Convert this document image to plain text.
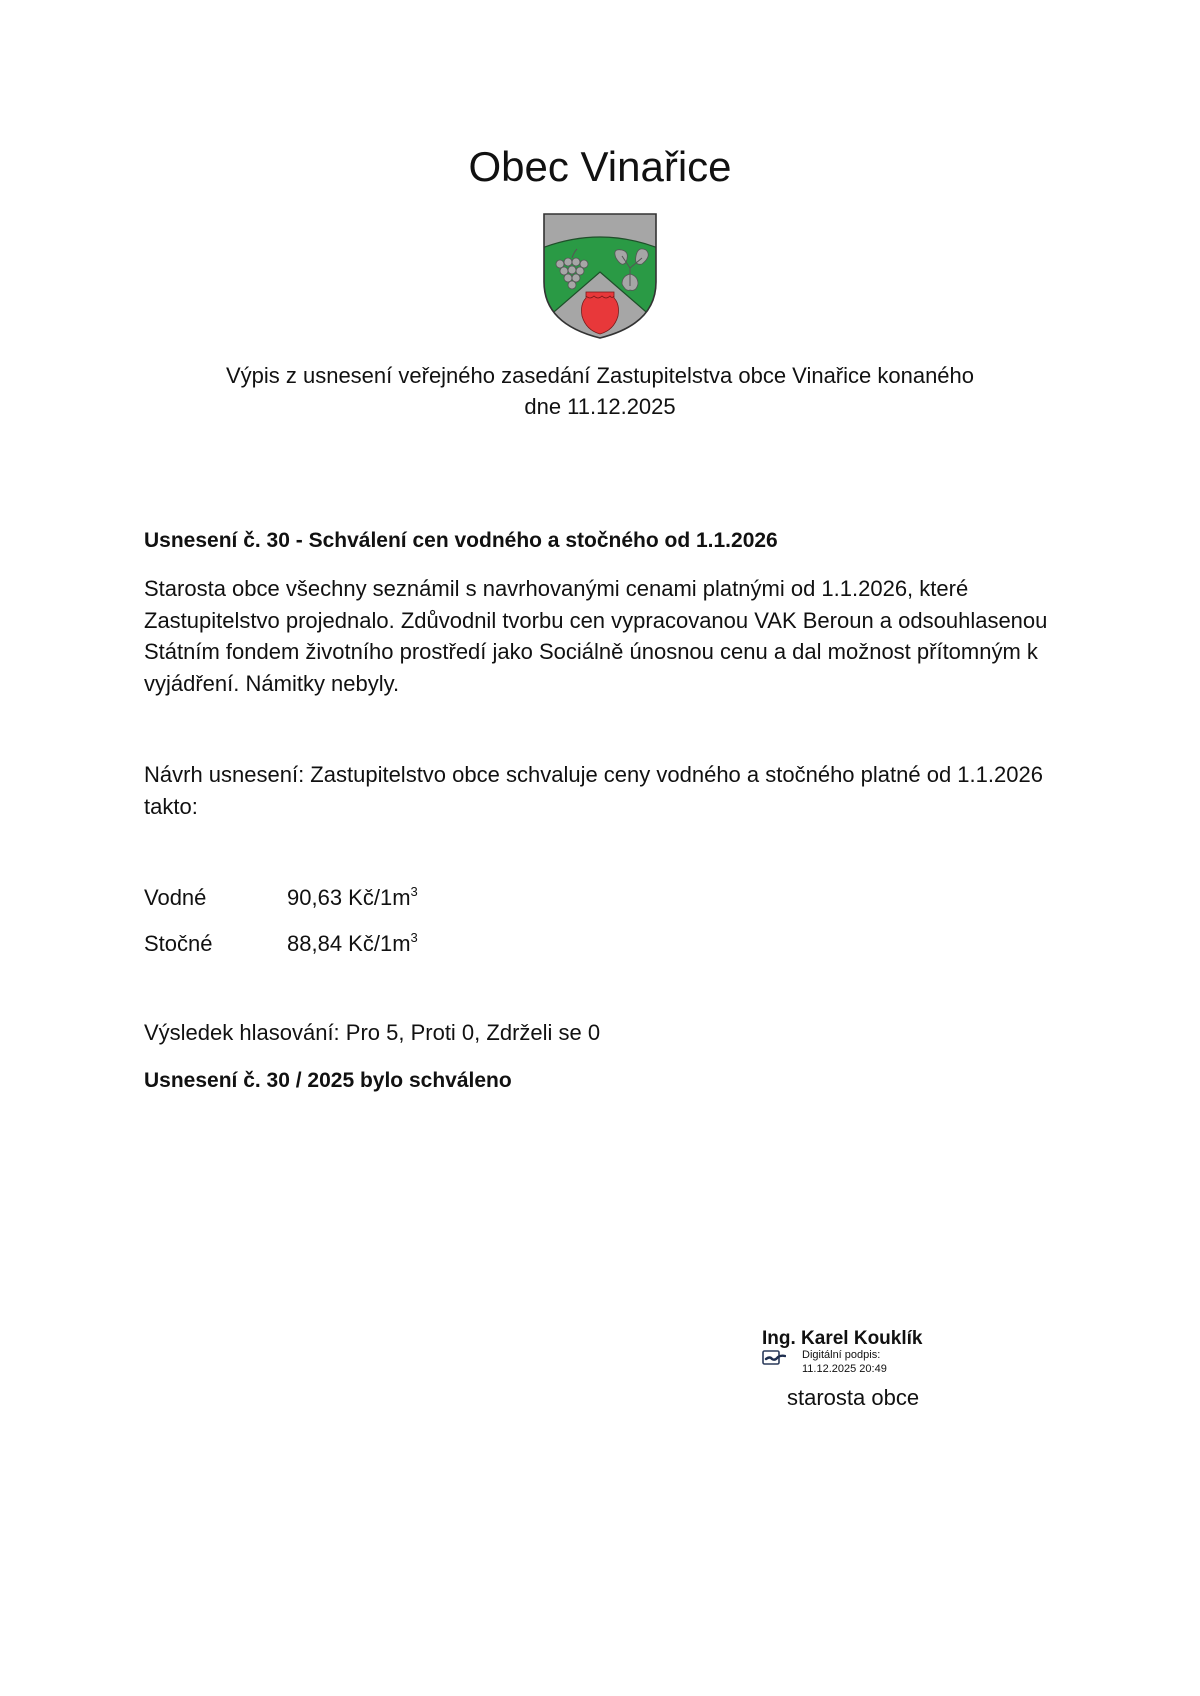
Obec Vinařice
Výpis z usnesení veřejného zasedání Zastupitelstva obce Vinařice konaného
dne 11.12.2025
Usnesení č. 30 - Schválení cen vodného a stočného od 1.1.2026
Starosta obce všechny seznámil s navrhovanými cenami platnými od 1.1.2026, které Zastupitelstvo projednalo. Zdůvodnil tvorbu cen vypracovanou VAK Beroun a odsouhlasenou Státním fondem životního prostředí jako Sociálně únosnou cenu a dal možnost přítomným k vyjádření. Námitky nebyly.
Návrh usnesení: Zastupitelstvo obce schvaluje ceny vodného a stočného platné od 1.1.2026 takto:
Vodné	90,63 $Kč/1m^3$
Stočné	88,84 $Kč/1m^3$
Výsledek hlasování: Pro 5, Proti 0, Zdrželi se 0
Usnesení č. 30 / 2025 bylo schváleno
Ing. Karel Kouklík
Digitální podpis:
11.12.2025 20:49
starosta obce
